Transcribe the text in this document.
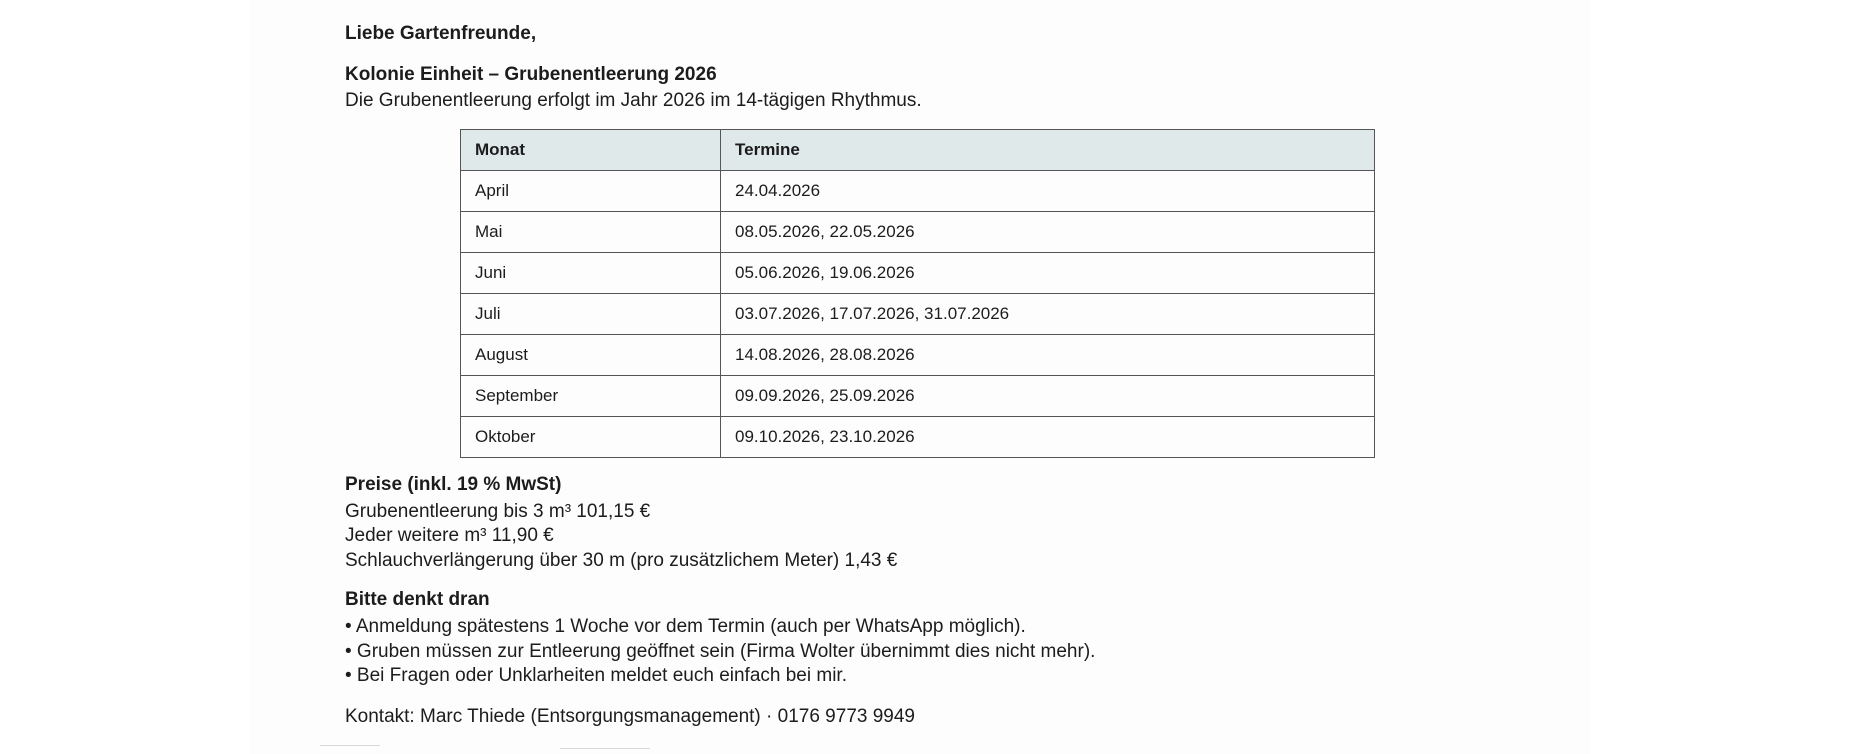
Liebe Gartenfreunde,
Kolonie Einheit – Grubenentleerung 2026
Die Grubenentleerung erfolgt im Jahr 2026 im 14-tägigen Rhythmus.
Monat	Termine
April	24.04.2026
Mai	08.05.2026, 22.05.2026
Juni	05.06.2026, 19.06.2026
Juli	03.07.2026, 17.07.2026, 31.07.2026
August	14.08.2026, 28.08.2026
September	09.09.2026, 25.09.2026
Oktober	09.10.2026, 23.10.2026
Preise (inkl. 19 % MwSt)
Grubenentleerung bis 3 m³ 101,15 €
Jeder weitere m³ 11,90 €
Schlauchverlängerung über 30 m (pro zusätzlichem Meter) 1,43 €
Bitte denkt dran
• Anmeldung spätestens 1 Woche vor dem Termin (auch per WhatsApp möglich).
• Gruben müssen zur Entleerung geöffnet sein (Firma Wolter übernimmt dies nicht mehr).
• Bei Fragen oder Unklarheiten meldet euch einfach bei mir.
Kontakt: Marc Thiede (Entsorgungsmanagement) · 0176 9773 9949
